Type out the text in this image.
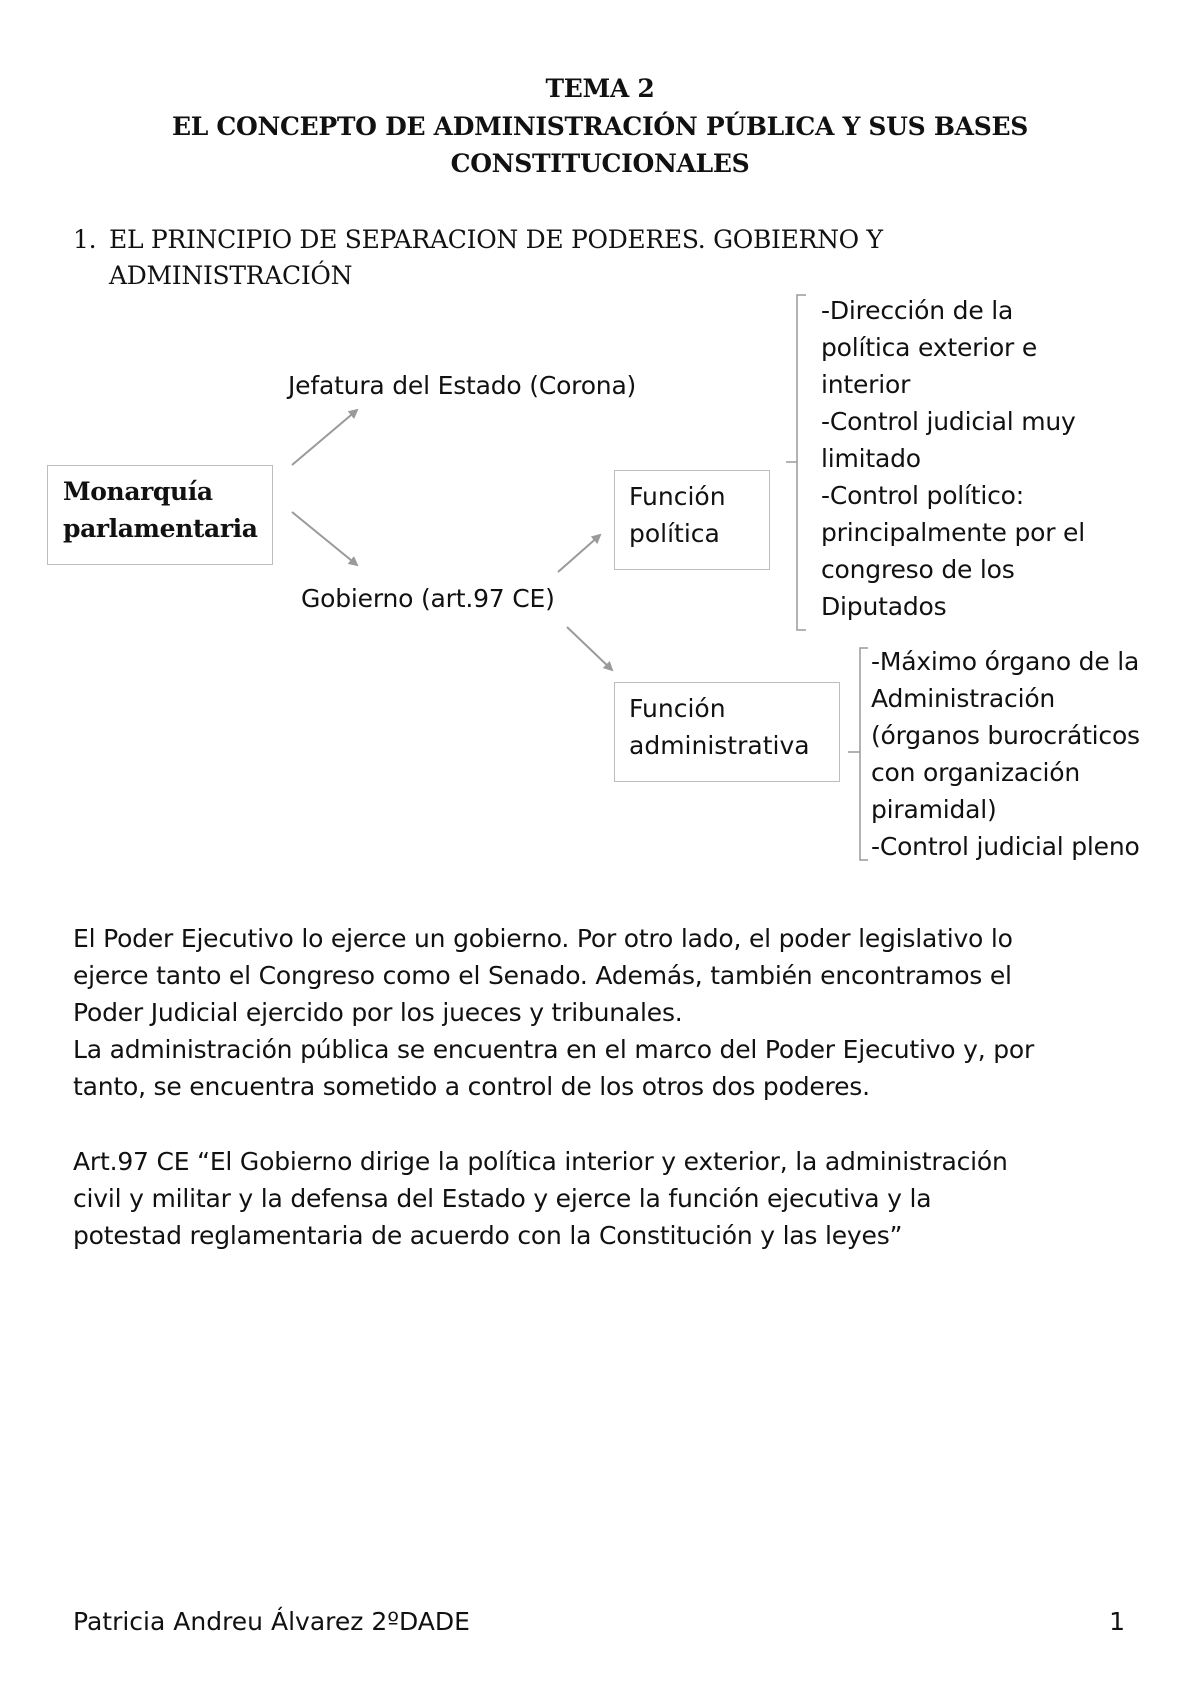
TEMA 2
EL CONCEPTO DE ADMINISTRACIÓN PÚBLICA Y SUS BASES
CONSTITUCIONALES
1. EL PRINCIPIO DE SEPARACION DE PODERES. GOBIERNO Y
ADMINISTRACIÓN
Monarquía
parlamentaria
Jefatura del Estado (Corona)
Gobierno (art.97 CE)
Función
política
Función
administrativa
-Dirección de la
política exterior e
interior
-Control judicial muy
limitado
-Control político:
principalmente por el
congreso de los
Diputados
-Máximo órgano de la
Administración
(órganos burocráticos
con organización
piramidal)
-Control judicial pleno
El Poder Ejecutivo lo ejerce un gobierno. Por otro lado, el poder legislativo lo
ejerce tanto el Congreso como el Senado. Además, también encontramos el
Poder Judicial ejercido por los jueces y tribunales.
La administración pública se encuentra en el marco del Poder Ejecutivo y, por
tanto, se encuentra sometido a control de los otros dos poderes.
Art.97 CE “El Gobierno dirige la política interior y exterior, la administración
civil y militar y la defensa del Estado y ejerce la función ejecutiva y la
potestad reglamentaria de acuerdo con la Constitución y las leyes”
Patricia Andreu Álvarez 2ºDADE	1
